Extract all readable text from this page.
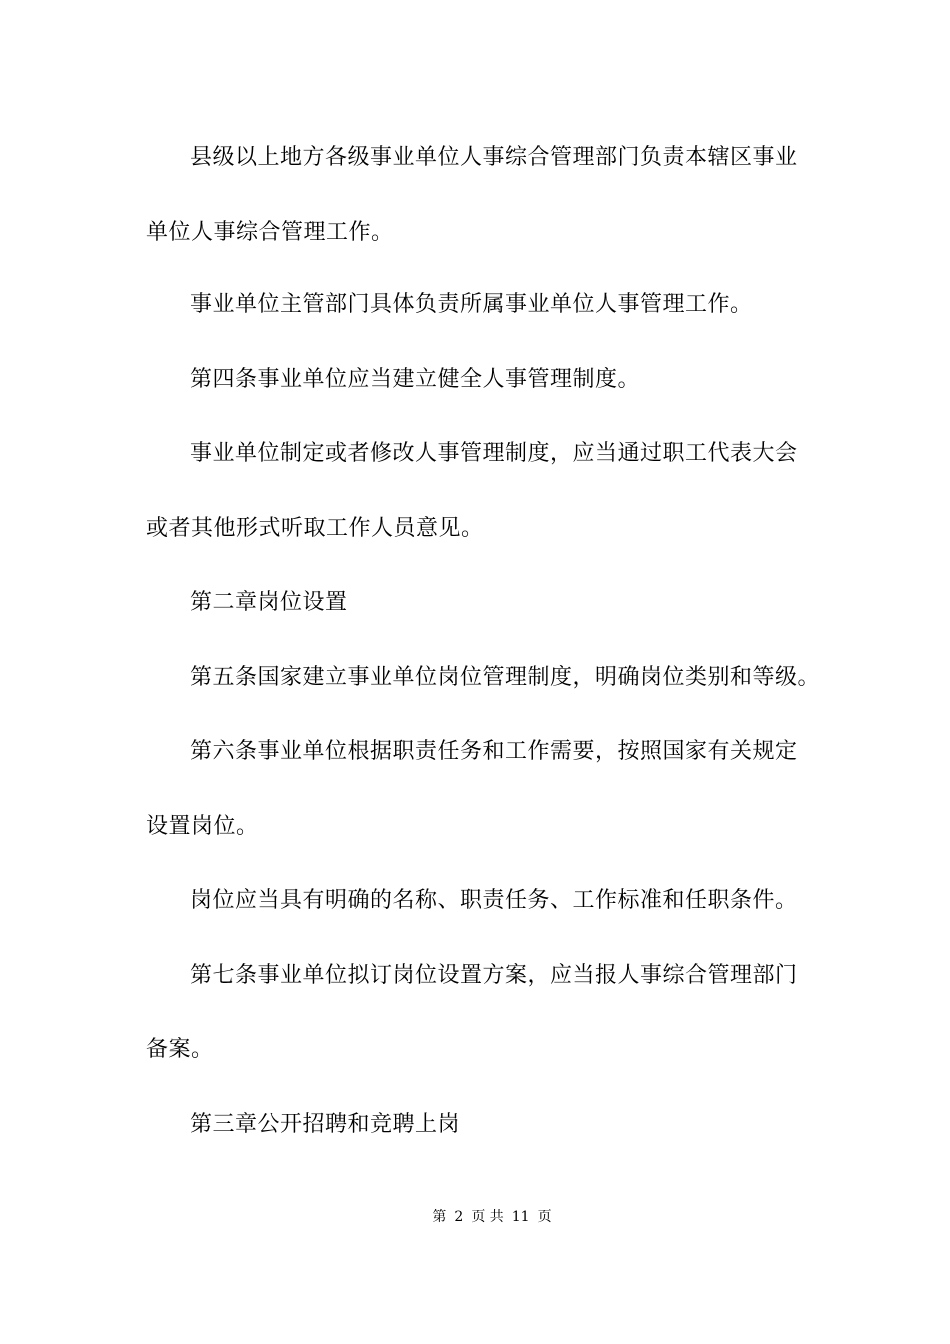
县级以上地方各级事业单位人事综合管理部门负责本辖区事业
单位人事综合管理工作。
事业单位主管部门具体负责所属事业单位人事管理工作。
第四条事业单位应当建立健全人事管理制度。
事业单位制定或者修改人事管理制度，应当通过职工代表大会
或者其他形式听取工作人员意见。
第二章岗位设置
第五条国家建立事业单位岗位管理制度，明确岗位类别和等级。
第六条事业单位根据职责任务和工作需要，按照国家有关规定
设置岗位。
岗位应当具有明确的名称、职责任务、工作标准和任职条件。
第七条事业单位拟订岗位设置方案，应当报人事综合管理部门
备案。
第三章公开招聘和竞聘上岗
第 2 页 共 11 页
